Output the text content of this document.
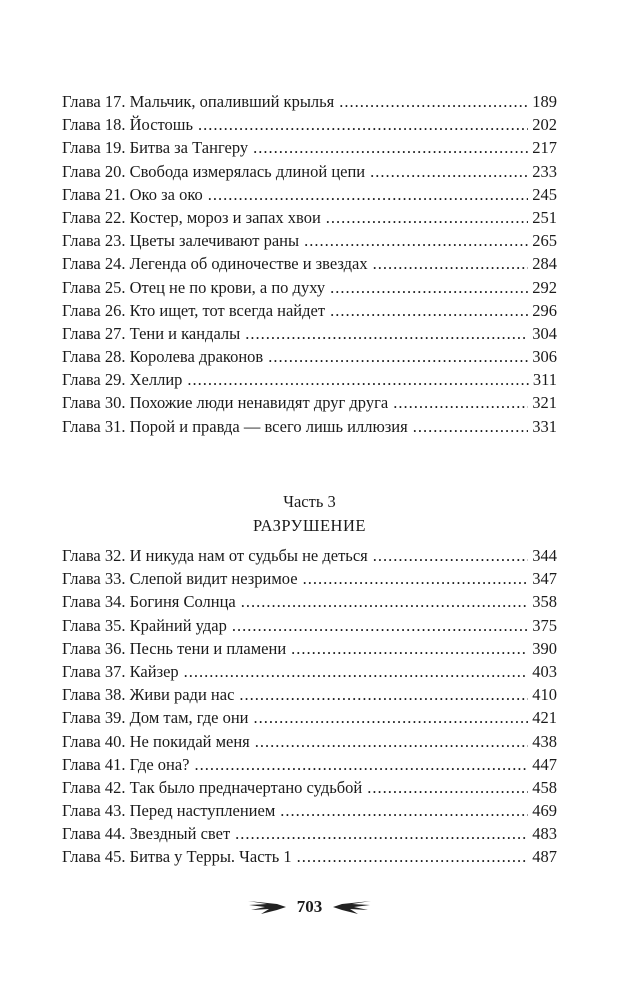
Глава 17. Мальчик, опаливший крылья .....	189
Глава 18. Йостошь .....	202
Глава 19. Битва за Тангеру .....	217
Глава 20. Свобода измерялась длиной цепи .....	233
Глава 21. Око за око .....	245
Глава 22. Костер, мороз и запах хвои .....	251
Глава 23. Цветы залечивают раны .....	265
Глава 24. Легенда об одиночестве и звездах .....	284
Глава 25. Отец не по крови, а по духу .....	292
Глава 26. Кто ищет, тот всегда найдет .....	296
Глава 27. Тени и кандалы .....	304
Глава 28. Королева драконов .....	306
Глава 29. Хеллир .....	311
Глава 30. Похожие люди ненавидят друг друга .....	321
Глава 31. Порой и правда — всего лишь иллюзия .....	331
Часть 3
РАЗРУШЕНИЕ
Глава 32. И никуда нам от судьбы не деться .....	344
Глава 33. Слепой видит незримое .....	347
Глава 34. Богиня Солнца .....	358
Глава 35. Крайний удар .....	375
Глава 36. Песнь тени и пламени .....	390
Глава 37. Кайзер .....	403
Глава 38. Живи ради нас .....	410
Глава 39. Дом там, где они .....	421
Глава 40. Не покидай меня .....	438
Глава 41. Где она? .....	447
Глава 42. Так было предначертано судьбой .....	458
Глава 43. Перед наступлением .....	469
Глава 44. Звездный свет .....	483
Глава 45. Битва у Терры. Часть 1 .....	487
703
